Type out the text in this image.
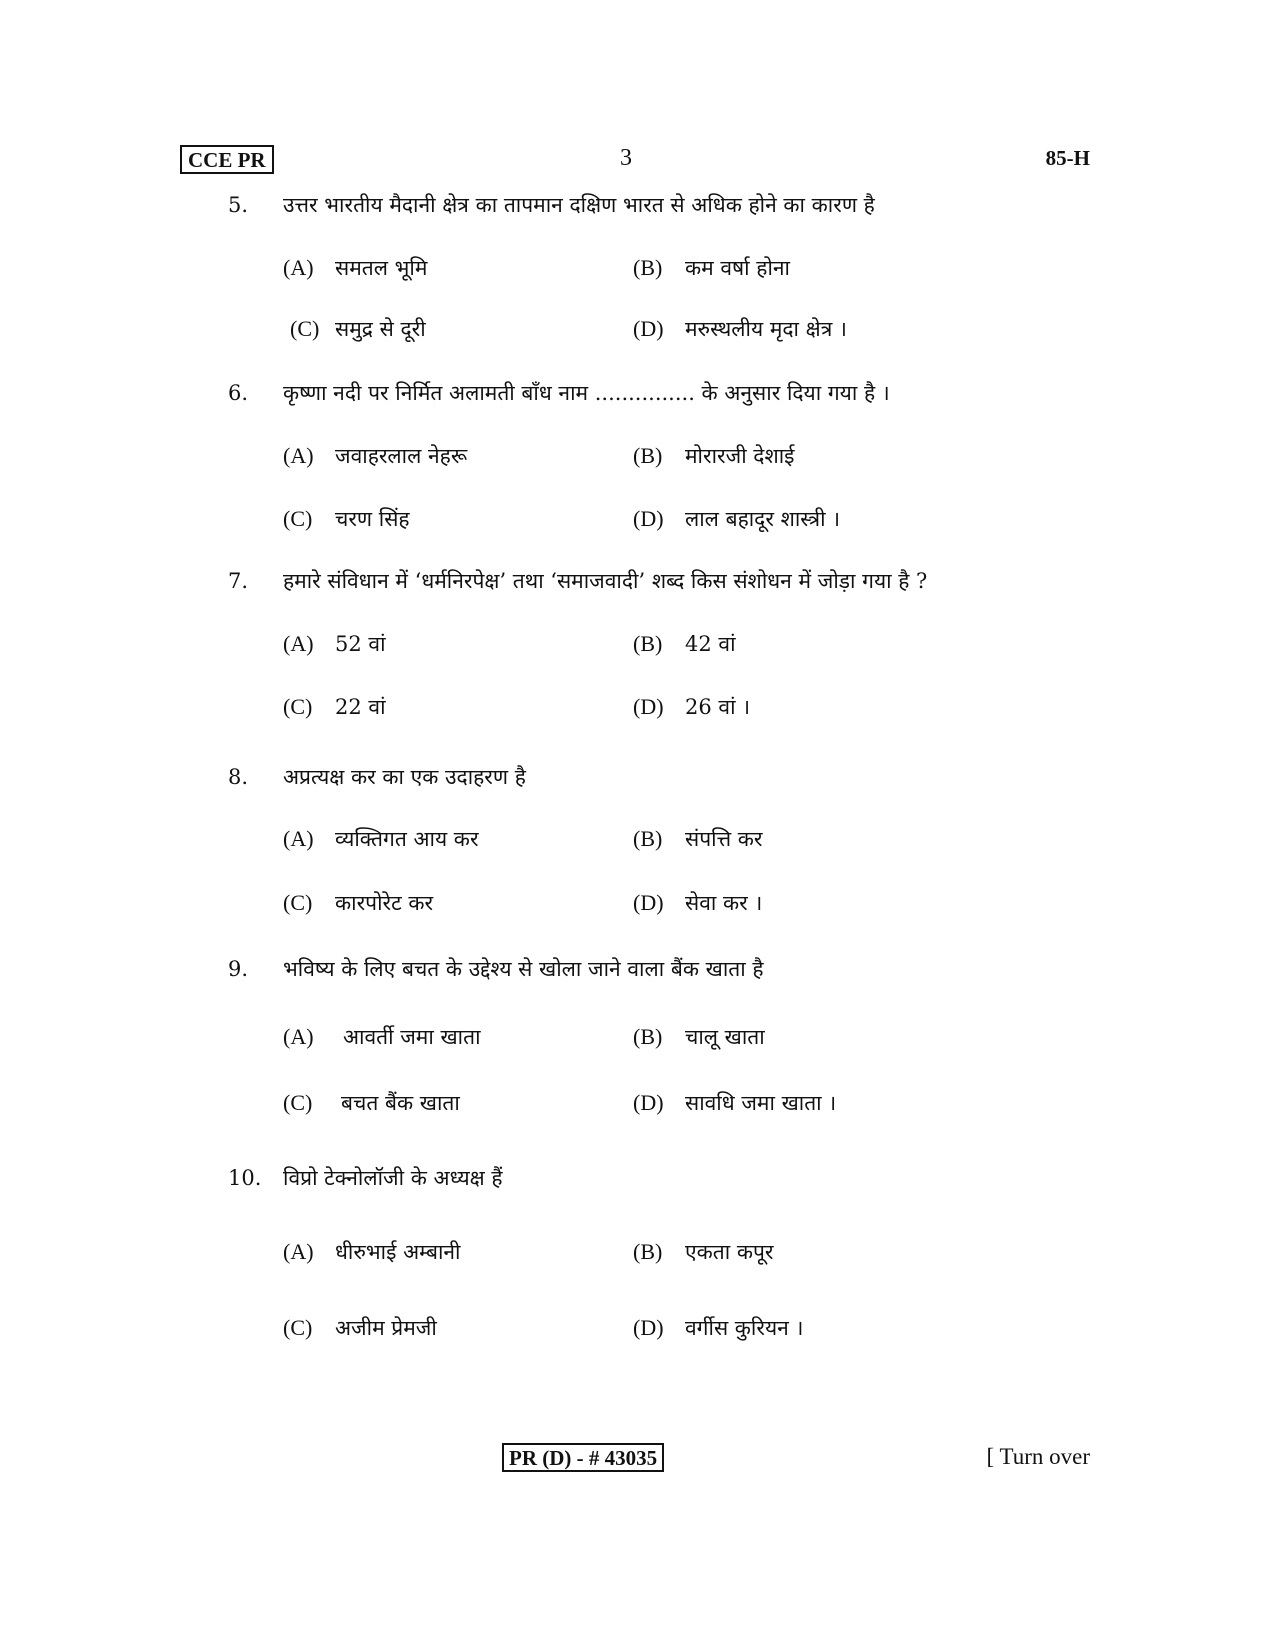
CCE PR	3	85-H
5.	उत्तर भारतीय मैदानी क्षेत्र का तापमान दक्षिण भारत से अधिक होने का कारण है
(A) समतल भूमि	(B) कम वर्षा होना
(C) समुद्र से दूरी	(D) मरुस्थलीय मृदा क्षेत्र ।
6.	कृष्णा नदी पर निर्मित अलामती बाँध नाम ............... के अनुसार दिया गया है ।
(A) जवाहरलाल नेहरू	(B) मोरारजी देशाई
(C) चरण सिंह	(D) लाल बहादूर शास्त्री ।
7.	हमारे संविधान में ‘धर्मनिरपेक्ष’ तथा ‘समाजवादी’ शब्द किस संशोधन में जोड़ा गया है ?
(A) 52 वां	(B) 42 वां
(C) 22 वां	(D) 26 वां ।
8.	अप्रत्यक्ष कर का एक उदाहरण है
(A) व्यक्तिगत आय कर	(B) संपत्ति कर
(C) कारपोरेट कर	(D) सेवा कर ।
9.	भविष्य के लिए बचत के उद्देश्य से खोला जाने वाला बैंक खाता है
(A) आवर्ती जमा खाता	(B) चालू खाता
(C) बचत बैंक खाता	(D) सावधि जमा खाता ।
10.	विप्रो टेक्नोलॉजी के अध्यक्ष हैं
(A) धीरुभाई अम्बानी	(B) एकता कपूर
(C) अजीम प्रेमजी	(D) वर्गीस कुरियन ।
PR (D) - # 43035	[ Turn over
